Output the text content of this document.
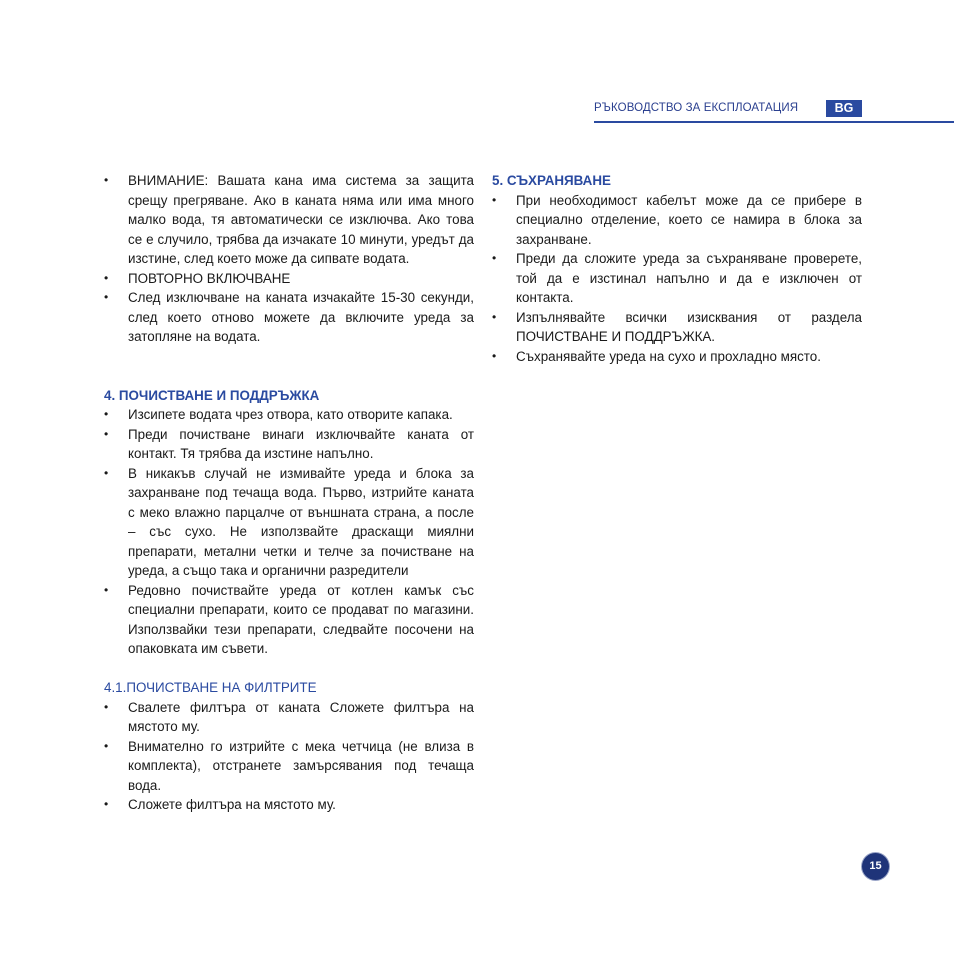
РЪКОВОДСТВО ЗА ЕКСПЛОАТАЦИЯ	BG
• ВНИМАНИЕ: Вашата кана има система за защита срещу прегряване. Ако в каната няма или има много малко вода, тя автоматически се изключва. Ако това се е случило, трябва да изчакате 10 минути, уредът да изстине, след което може да сипвате водата.
• ПОВТОРНО ВКЛЮЧВАНЕ
• След изключване на каната изчакайте 15-30 секунди, след което отново можете да включите уреда за затопляне на водата.

4. ПОЧИСТВАНЕ И ПОДДРЪЖКА

• Изсипете водата чрез отвора, като отворите капака.
• Преди почистване винаги изключвайте каната от контакт. Тя трябва да изстине напълно.
• В никакъв случай не измивайте уреда и блока за захранване под течаща вода. Първо, изтрийте каната с меко влажно парцалче от външната страна, а после – със сухо. Не използвайте драскащи миялни препарати, метални четки и телче за почистване на уреда, а също така и органични разредители
• Редовно почиствайте уреда от котлен камък със специални препарати, които се продават по магазини. Използвайки тези препарати, следвайте посочени на опаковката им съвети.

4.1.ПОЧИСТВАНЕ НА ФИЛТРИТЕ

• Свалете филтъра от каната Сложете филтъра на мястото му.
• Внимателно го изтрийте с мека четчица (не влиза в комплекта), отстранете замърсявания под течаща вода.
• Сложете филтъра на мястото му.

5. СЪХРАНЯВАНЕ

• При необходимост кабелът може да се прибере в специално отделение, което се намира в блока за захранване.
• Преди да сложите уреда за съхраняване проверете, той да е изстинал напълно и да е изключен от контакта.
• Изпълнявайте всички изисквания от раздела ПОЧИСТВАНЕ И ПОДДРЪЖКА.
• Съхранявайте уреда на сухо и прохладно място.
15
